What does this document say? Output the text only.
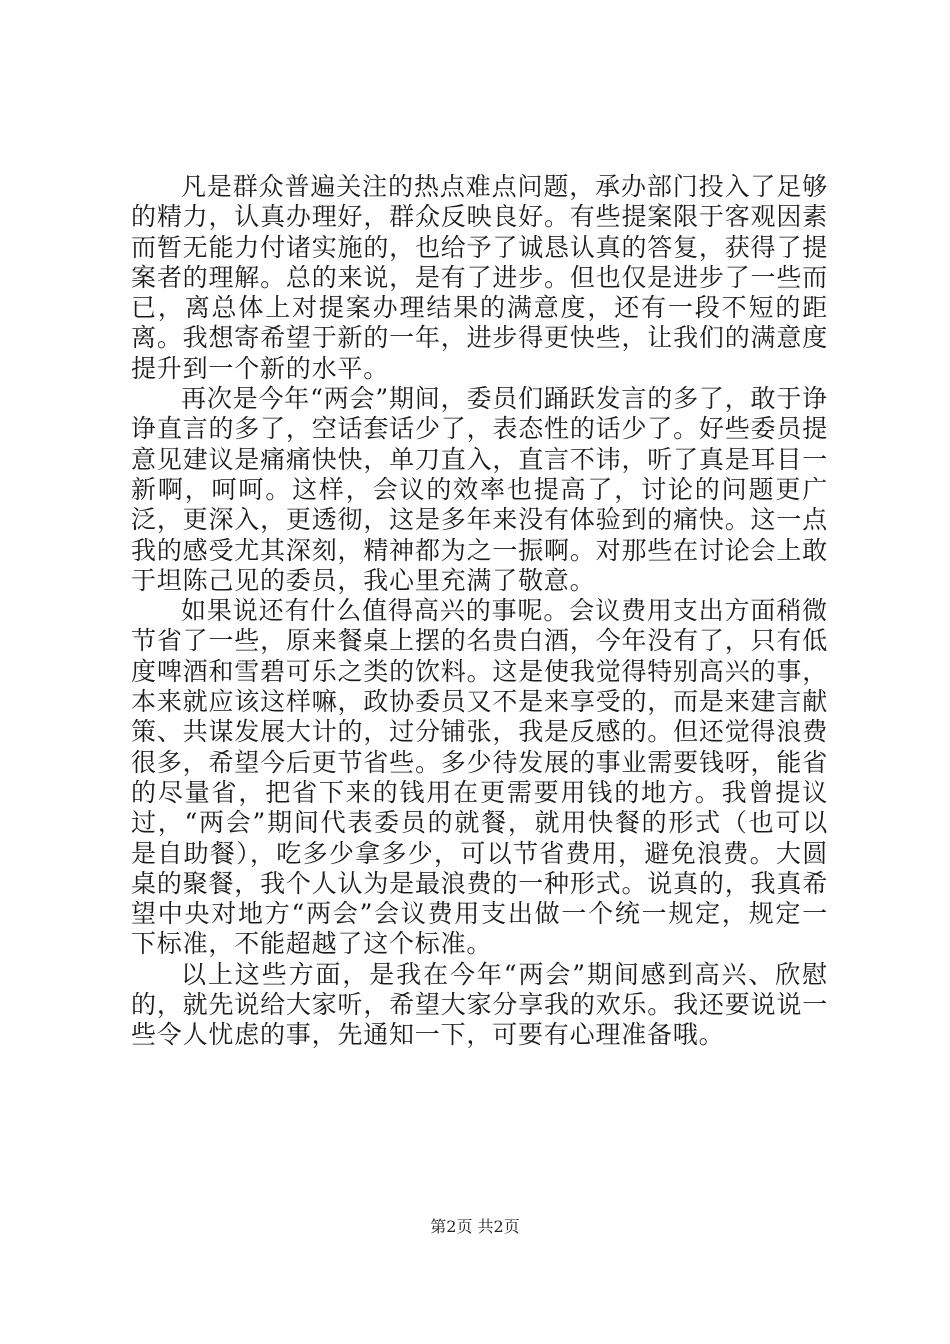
凡是群众普遍关注的热点难点问题，承办部门投入了足够的精力，认真办理好，群众反映良好。有些提案限于客观因素而暂无能力付诸实施的，也给予了诚恳认真的答复，获得了提案者的理解。总的来说，是有了进步。但也仅是进步了一些而已，离总体上对提案办理结果的满意度，还有一段不短的距离。我想寄希望于新的一年，进步得更快些，让我们的满意度提升到一个新的水平。

再次是今年“两会”期间，委员们踊跃发言的多了，敢于诤诤直言的多了，空话套话少了，表态性的话少了。好些委员提意见建议是痛痛快快，单刀直入，直言不讳，听了真是耳目一新啊，呵呵。这样，会议的效率也提高了，讨论的问题更广泛，更深入，更透彻，这是多年来没有体验到的痛快。这一点我的感受尤其深刻，精神都为之一振啊。对那些在讨论会上敢于坦陈己见的委员，我心里充满了敬意。

如果说还有什么值得高兴的事呢。会议费用支出方面稍微节省了一些，原来餐桌上摆的名贵白酒，今年没有了，只有低度啤酒和雪碧可乐之类的饮料。这是使我觉得特别高兴的事，本来就应该这样嘛，政协委员又不是来享受的，而是来建言献策、共谋发展大计的，过分铺张，我是反感的。但还觉得浪费很多，希望今后更节省些。多少待发展的事业需要钱呀，能省的尽量省，把省下来的钱用在更需要用钱的地方。我曾提议过，“两会”期间代表委员的就餐，就用快餐的形式（也可以是自助餐），吃多少拿多少，可以节省费用，避免浪费。大圆桌的聚餐，我个人认为是最浪费的一种形式。说真的，我真希望中央对地方“两会”会议费用支出做一个统一规定，规定一下标准，不能超越了这个标准。

以上这些方面，是我在今年“两会”期间感到高兴、欣慰的，就先说给大家听，希望大家分享我的欢乐。我还要说说一些令人忧虑的事，先通知一下，可要有心理准备哦。

第2页 共2页
